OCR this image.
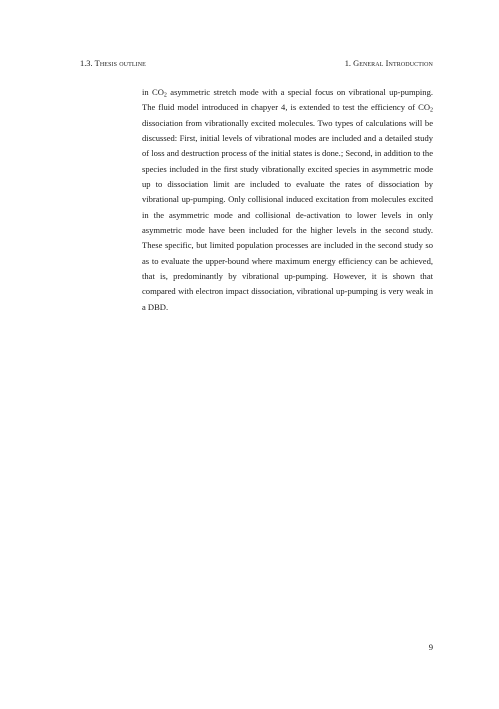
1.3. Thesis outline	1. General Introduction

in $CO_2$ asymmetric stretch mode with a special focus on vibrational up-pumping. The fluid model introduced in chapyer 4, is extended to test the efficiency of $CO_2$ dissociation from vibrationally excited molecules. Two types of calculations will be discussed: First, initial levels of vibrational modes are included and a detailed study of loss and destruction process of the initial states is done.; Second, in addition to the species included in the first study vibrationally excited species in asymmetric mode up to dissociation limit are included to evaluate the rates of dissociation by vibrational up-pumping. Only collisional induced excitation from molecules excited in the asymmetric mode and collisional de-activation to lower levels in only asymmetric mode have been included for the higher levels in the second study. These specific, but limited population processes are included in the second study so as to evaluate the upper-bound where maximum energy efficiency can be achieved, that is, predominantly by vibrational up-pumping. However, it is shown that compared with electron impact dissociation, vibrational up-pumping is very weak in a DBD.

9
